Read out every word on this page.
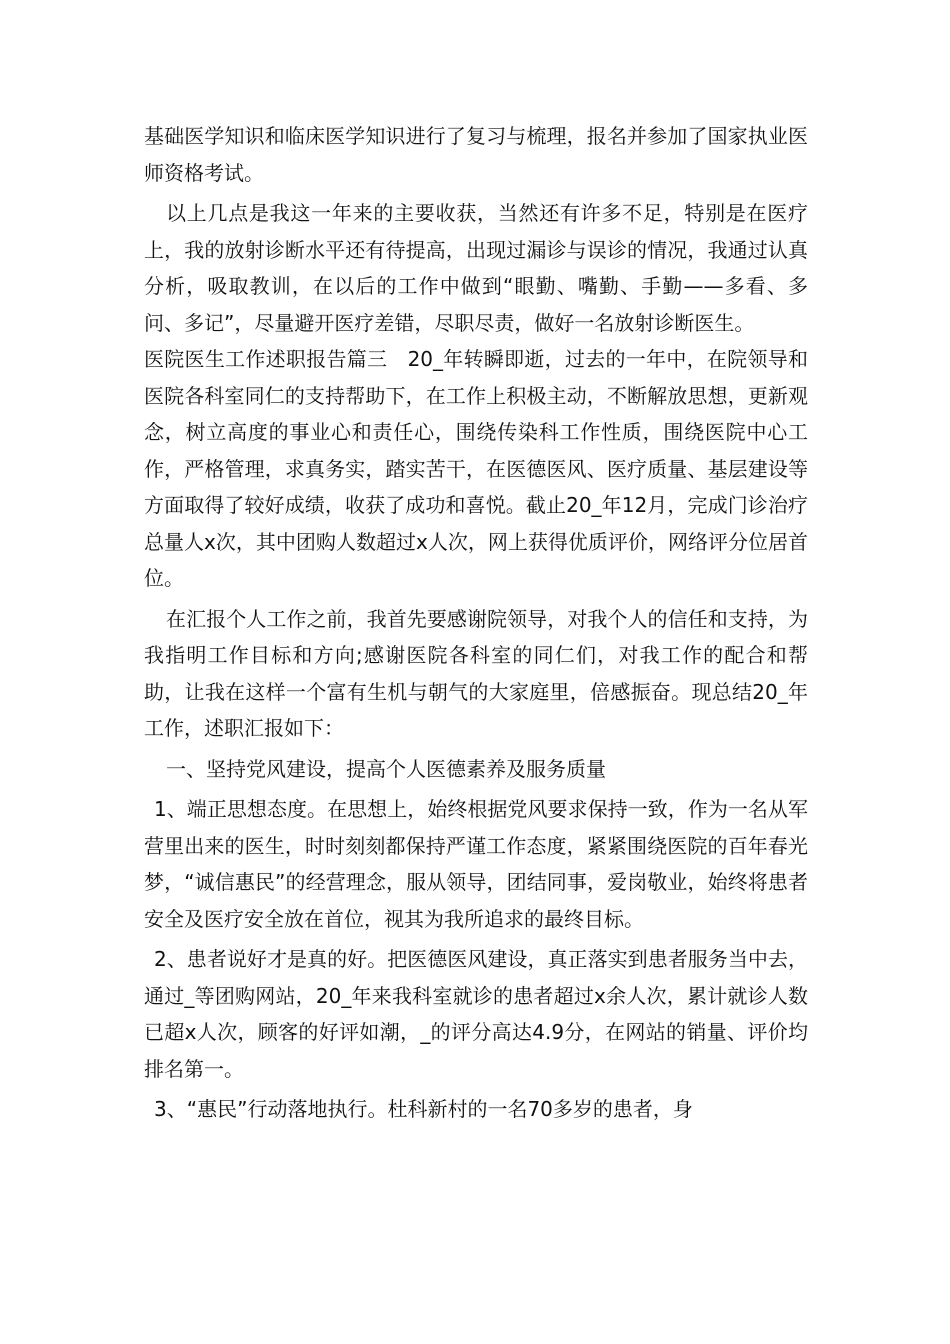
基础医学知识和临床医学知识进行了复习与梳理，报名并参加了国家执业医师资格考试。

以上几点是我这一年来的主要收获，当然还有许多不足，特别是在医疗上，我的放射诊断水平还有待提高，出现过漏诊与误诊的情况，我通过认真分析，吸取教训，在以后的工作中做到“眼勤、嘴勤、手勤——多看、多问、多记”，尽量避开医疗差错，尽职尽责，做好一名放射诊断医生。

医院医生工作述职报告篇三　20_年转瞬即逝，过去的一年中，在院领导和医院各科室同仁的支持帮助下，在工作上积极主动，不断解放思想，更新观念，树立高度的事业心和责任心，围绕传染科工作性质，围绕医院中心工作，严格管理，求真务实，踏实苦干，在医德医风、医疗质量、基层建设等方面取得了较好成绩，收获了成功和喜悦。截止20_年12月，完成门诊治疗总量人x次，其中团购人数超过x人次，网上获得优质评价，网络评分位居首位。

在汇报个人工作之前，我首先要感谢院领导，对我个人的信任和支持，为我指明工作目标和方向;感谢医院各科室的同仁们，对我工作的配合和帮助，让我在这样一个富有生机与朝气的大家庭里，倍感振奋。现总结20_年工作，述职汇报如下：

一、坚持党风建设，提高个人医德素养及服务质量

1、端正思想态度。在思想上，始终根据党风要求保持一致，作为一名从军营里出来的医生，时时刻刻都保持严谨工作态度，紧紧围绕医院的百年春光梦，“诚信惠民”的经营理念，服从领导，团结同事，爱岗敬业，始终将患者安全及医疗安全放在首位，视其为我所追求的最终目标。

2、患者说好才是真的好。把医德医风建设，真正落实到患者服务当中去，通过_等团购网站，20_年来我科室就诊的患者超过x余人次，累计就诊人数已超x人次，顾客的好评如潮，_的评分高达4.9分，在网站的销量、评价均排名第一。

3、“惠民”行动落地执行。杜科新村的一名70多岁的患者，身
